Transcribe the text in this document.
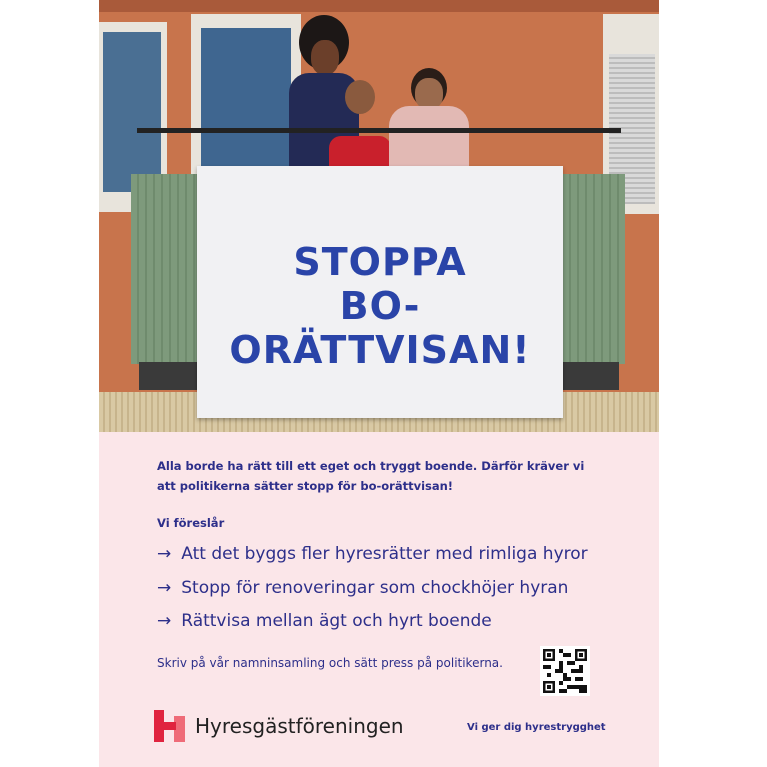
STOPPA
BO-ORÄTTVISAN!
Alla borde ha rätt till ett eget och tryggt boende. Därför kräver vi att politikerna sätter stopp för bo-orättvisan!
Vi föreslår
→ Att det byggs fler hyresrätter med rimliga hyror
→ Stopp för renoveringar som chockhöjer hyran
→ Rättvisa mellan ägt och hyrt boende
Skriv på vår namninsamling och sätt press på politikerna.
Hyresgästföreningen	Vi ger dig hyrestrygghet
